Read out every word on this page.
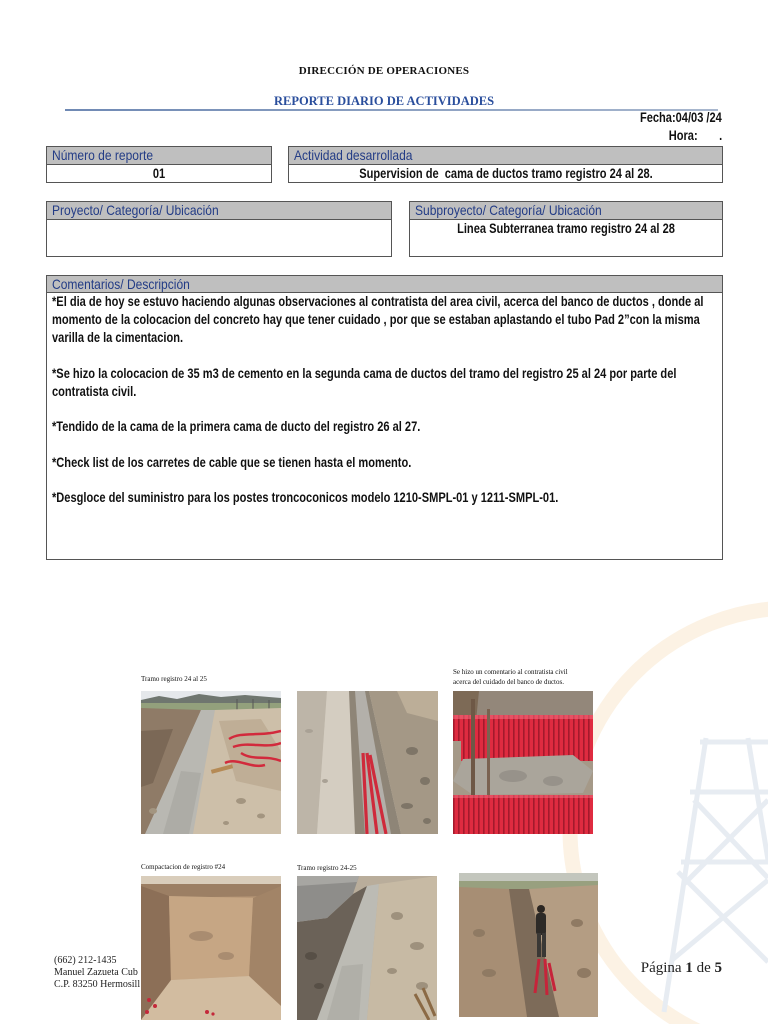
DIRECCIÓN DE OPERACIONES
REPORTE DIARIO DE ACTIVIDADES
Fecha:04/03 /24
Hora:       .
Número de reporte
01
Actividad desarrollada
Supervision de  cama de ductos tramo registro 24 al 28.
Proyecto/ Categoría/ Ubicación

	Subproyecto/ Categoría/ Ubicación
Linea Subterranea tramo registro 24 al 28
Comentarios/ Descripción
*El dia de hoy se estuvo haciendo algunas observaciones al contratista del area civil, acerca del banco de ductos , donde al
momento de la colocacion del concreto hay que tener cuidado , por que se estaban aplastando el tubo Pad 2”con la misma
varilla de la cimentacion.
*Se hizo la colocacion de 35 m3 de cemento en la segunda cama de ductos del tramo del registro 25 al 24 por parte del
contratista civil.
*Tendido de la cama de la primera cama de ducto del registro 26 al 27.
*Check list de los carretes de cable que se tienen hasta el momento.
*Desgloce del suministro para los postes troncoconicos modelo 1210-SMPL-01 y 1211-SMPL-01.
Tramo registro 24 al 25
Se hizo un comentario al contratista civil
acerca del cuidado del banco de ductos.
Compactacion de registro #24	Tramo registro 24-25
(662) 212-1435
Manuel Zazueta Cub
C.P. 83250 Hermosill
Página 1 de 5
